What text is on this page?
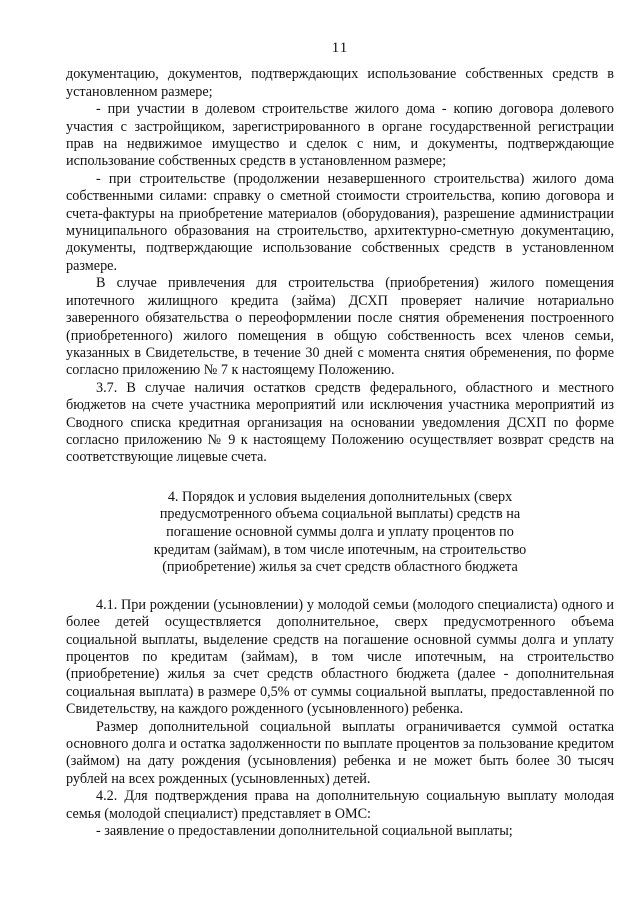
11

документацию, документов, подтверждающих использование собственных средств в установленном размере;

- при участии в долевом строительстве жилого дома - копию договора долевого участия с застройщиком, зарегистрированного в органе государственной регистрации прав на недвижимое имущество и сделок с ним, и документы, подтверждающие использование собственных средств в установленном размере;

- при строительстве (продолжении незавершенного строительства) жилого дома собственными силами: справку о сметной стоимости строительства, копию договора и счета-фактуры на приобретение материалов (оборудования), разрешение администрации муниципального образования на строительство, архитектурно-сметную документацию, документы, подтверждающие использование собственных средств в установленном размере.

В случае привлечения для строительства (приобретения) жилого помещения ипотечного жилищного кредита (займа) ДСХП проверяет наличие нотариально заверенного обязательства о переоформлении после снятия обременения построенного (приобретенного) жилого помещения в общую собственность всех членов семьи, указанных в Свидетельстве, в течение 30 дней с момента снятия обременения, по форме согласно приложению № 7 к настоящему Положению.

3.7. В случае наличия остатков средств федерального, областного и местного бюджетов на счете участника мероприятий или исключения участника мероприятий из Сводного списка кредитная организация на основании уведомления ДСХП по форме согласно приложению № 9 к настоящему Положению осуществляет возврат средств на соответствующие лицевые счета.

4. Порядок и условия выделения дополнительных (сверх
предусмотренного объема социальной выплаты) средств на
погашение основной суммы долга и уплату процентов по
кредитам (займам), в том числе ипотечным, на строительство
(приобретение) жилья за счет средств областного бюджета

4.1. При рождении (усыновлении) у молодой семьи (молодого специалиста) одного и более детей осуществляется дополнительное, сверх предусмотренного объема социальной выплаты, выделение средств на погашение основной суммы долга и уплату процентов по кредитам (займам), в том числе ипотечным, на строительство (приобретение) жилья за счет средств областного бюджета (далее - дополнительная социальная выплата) в размере 0,5% от суммы социальной выплаты, предоставленной по Свидетельству, на каждого рожденного (усыновленного) ребенка.

Размер дополнительной социальной выплаты ограничивается суммой остатка основного долга и остатка задолженности по выплате процентов за пользование кредитом (займом) на дату рождения (усыновления) ребенка и не может быть более 30 тысяч рублей на всех рожденных (усыновленных) детей.

4.2. Для подтверждения права на дополнительную социальную выплату молодая семья (молодой специалист) представляет в ОМС:

- заявление о предоставлении дополнительной социальной выплаты;
